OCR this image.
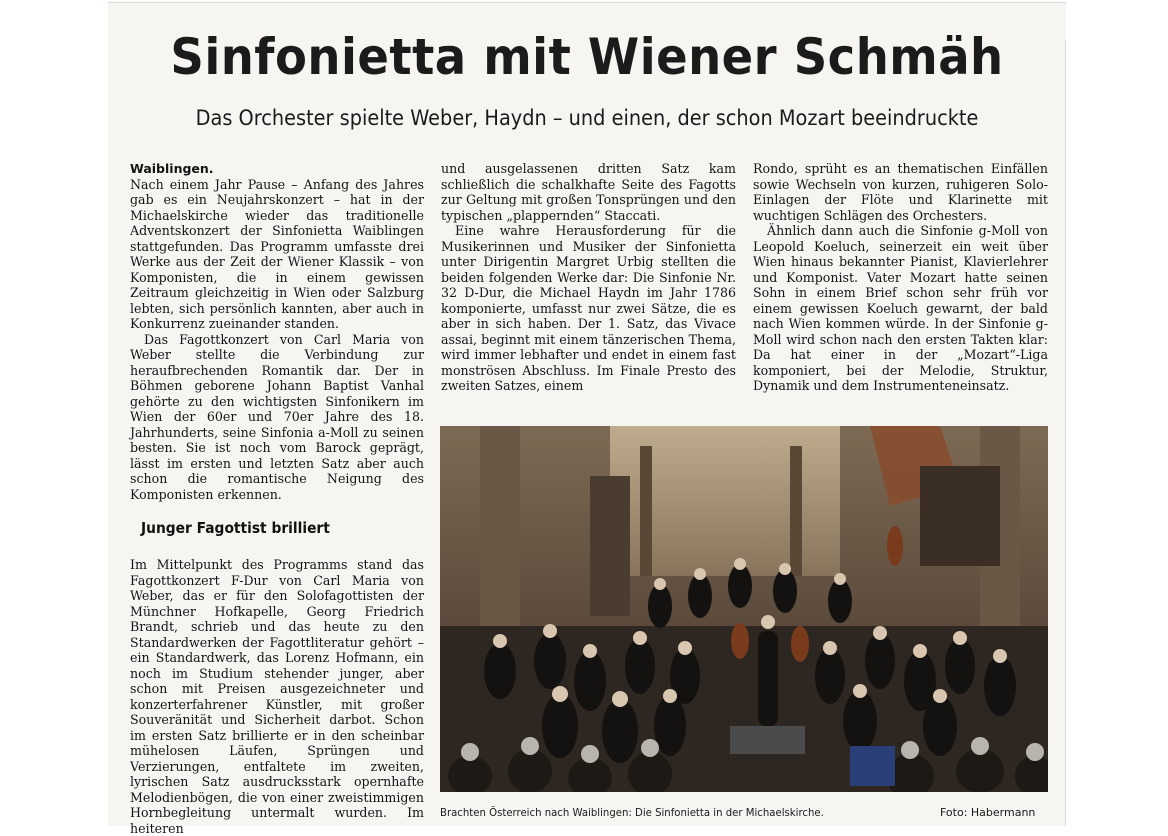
Sinfonietta mit Wiener Schmäh
Das Orchester spielte Weber, Haydn – und einen, der schon Mozart beeindruckte
Waiblingen.

Nach einem Jahr Pause – Anfang des Jahres gab es ein Neujahrskonzert – hat in der Michaelskirche wieder das traditionelle Adventskonzert der Sinfonietta Waiblingen stattgefunden. Das Programm umfasste drei Werke aus der Zeit der Wiener Klassik – von Komponisten, die in einem gewissen Zeitraum gleichzeitig in Wien oder Salzburg lebten, sich persönlich kannten, aber auch in Konkurrenz zueinander standen.

Das Fagottkonzert von Carl Maria von Weber stellte die Verbindung zur heraufbrechenden Romantik dar. Der in Böhmen geborene Johann Baptist Vanhal gehörte zu den wichtigsten Sinfonikern im Wien der 60er und 70er Jahre des 18. Jahrhunderts, seine Sinfonia a-Moll zu seinen besten. Sie ist noch vom Barock geprägt, lässt im ersten und letzten Satz aber auch schon die romantische Neigung des Komponisten erkennen.

Junger Fagottist brilliert

Im Mittelpunkt des Programms stand das Fagottkonzert F-Dur von Carl Maria von Weber, das er für den Solofagottisten der Münchner Hofkapelle, Georg Friedrich Brandt, schrieb und das heute zu den Standardwerken der Fagottliteratur gehört – ein Standardwerk, das Lorenz Hofmann, ein noch im Studium stehender junger, aber schon mit Preisen ausgezeichneter und konzerterfahrener Künstler, mit großer Souveränität und Sicherheit darbot. Schon im ersten Satz brillierte er in den scheinbar mühelosen Läufen, Sprüngen und Verzierungen, entfaltete im zweiten, lyrischen Satz ausdrucksstark opernhafte Melodienbögen, die von einer zweistimmigen Hornbegleitung untermalt wurden. Im heiteren

und ausgelassenen dritten Satz kam schließlich die schalkhafte Seite des Fagotts zur Geltung mit großen Tonsprüngen und den typischen „plappernden“ Staccati.

Eine wahre Herausforderung für die Musikerinnen und Musiker der Sinfonietta unter Dirigentin Margret Urbig stellten die beiden folgenden Werke dar: Die Sinfonie Nr. 32 D-Dur, die Michael Haydn im Jahr 1786 komponierte, umfasst nur zwei Sätze, die es aber in sich haben. Der 1. Satz, das Vivace assai, beginnt mit einem tänzerischen Thema, wird immer lebhafter und endet in einem fast monströsen Abschluss. Im Finale Presto des zweiten Satzes, einem

Rondo, sprüht es an thematischen Einfällen sowie Wechseln von kurzen, ruhigeren Solo-Einlagen der Flöte und Klarinette mit wuchtigen Schlägen des Orchesters.

Ähnlich dann auch die Sinfonie g-Moll von Leopold Koeluch, seinerzeit ein weit über Wien hinaus bekannter Pianist, Klavierlehrer und Komponist. Vater Mozart hatte seinen Sohn in einem Brief schon sehr früh vor einem gewissen Koeluch gewarnt, der bald nach Wien kommen würde. In der Sinfonie g-Moll wird schon nach den ersten Takten klar: Da hat einer in der „Mozart“-Liga komponiert, bei der Melodie, Struktur, Dynamik und dem Instrumenteneinsatz.

Brachten Österreich nach Waiblingen: Die Sinfonietta in der Michaelskirche.	Foto: Habermann
